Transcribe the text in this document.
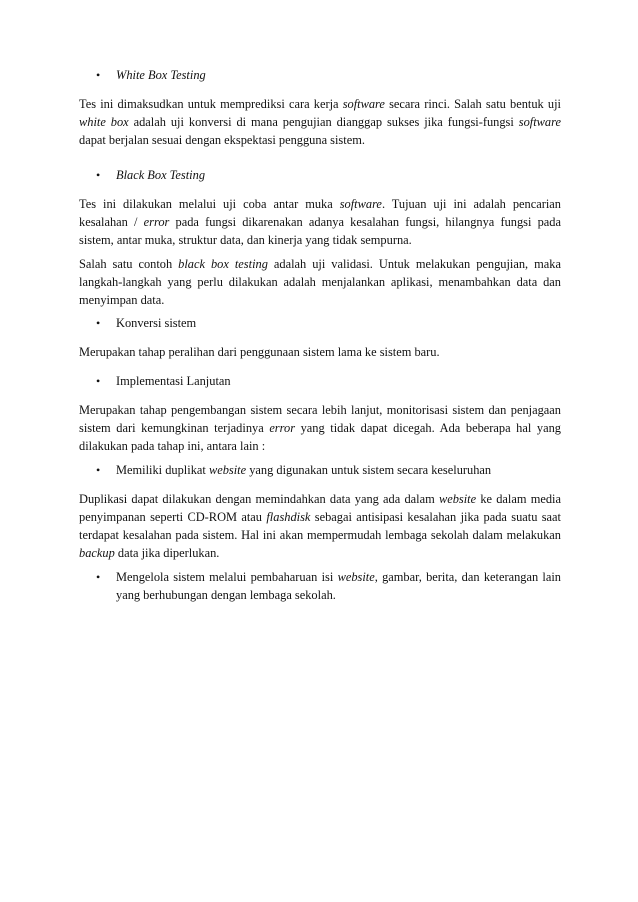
•	White Box Testing

Tes ini dimaksudkan untuk memprediksi cara kerja software secara rinci. Salah satu bentuk uji white box adalah uji konversi di mana pengujian dianggap sukses jika fungsi-fungsi software dapat berjalan sesuai dengan ekspektasi pengguna sistem.

•	Black Box Testing

Tes ini dilakukan melalui uji coba antar muka software. Tujuan uji ini adalah pencarian kesalahan / error pada fungsi dikarenakan adanya kesalahan fungsi, hilangnya fungsi pada sistem, antar muka, struktur data, dan kinerja yang tidak sempurna.

Salah satu contoh black box testing adalah uji validasi. Untuk melakukan pengujian, maka langkah-langkah yang perlu dilakukan adalah menjalankan aplikasi, menambahkan data dan menyimpan data.

•	Konversi sistem

Merupakan tahap peralihan dari penggunaan sistem lama ke sistem baru.

•	Implementasi Lanjutan

Merupakan tahap pengembangan sistem secara lebih lanjut, monitorisasi sistem dan penjagaan sistem dari kemungkinan terjadinya error yang tidak dapat dicegah. Ada beberapa hal yang dilakukan pada tahap ini, antara lain :

•	Memiliki duplikat website yang digunakan untuk sistem secara keseluruhan

Duplikasi dapat dilakukan dengan memindahkan data yang ada dalam website ke dalam media penyimpanan seperti CD-ROM atau flashdisk sebagai antisipasi kesalahan jika pada suatu saat terdapat kesalahan pada sistem. Hal ini akan mempermudah lembaga sekolah dalam melakukan backup data jika diperlukan.

•	Mengelola sistem melalui pembaharuan isi website, gambar, berita, dan keterangan lain yang berhubungan dengan lembaga sekolah.
